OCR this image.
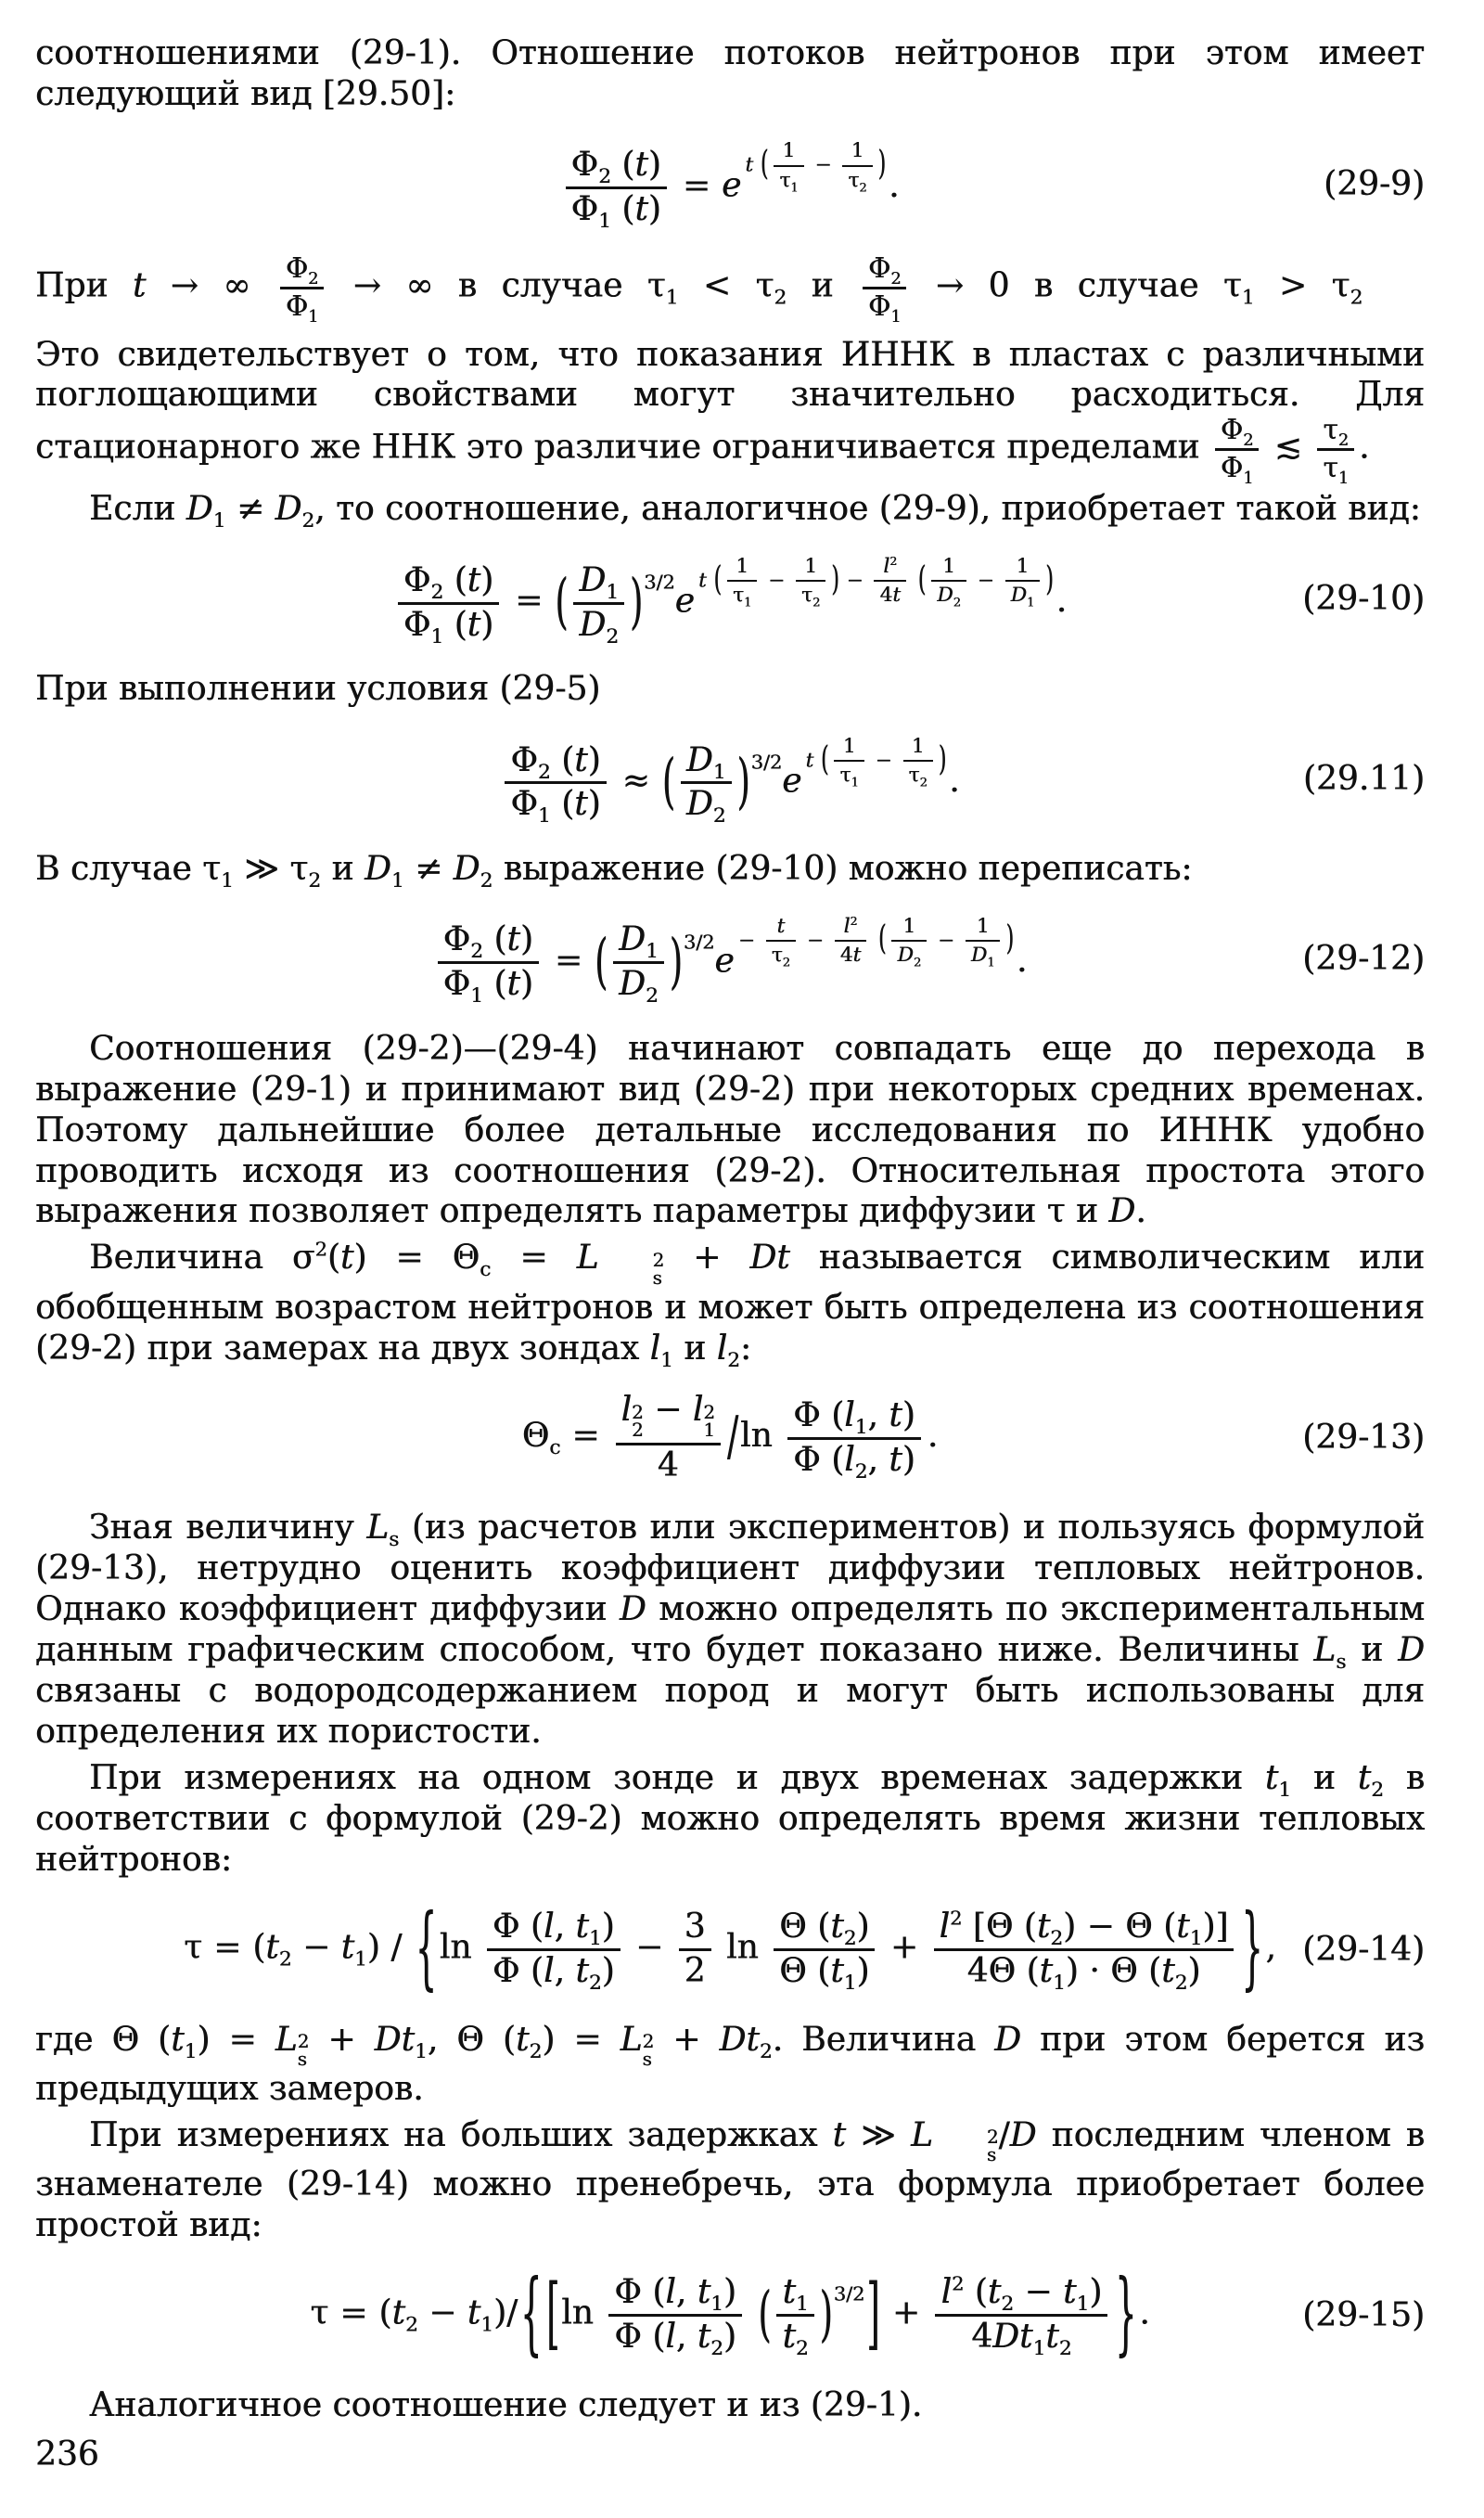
соотношениями (29-1). Отношение потоков нейтронов при этом имеет следующий вид [29.50]:

$\frac{\Phi_2 (t)}{\Phi_1 (t)}$ = et ( $\frac{1}{\tau_1} - \frac{1}{\tau_2}$ ).	(29-9)

При t → ∞ $\frac{\Phi_2}{\Phi_1}$ → ∞ в случае $\tau_1 < \tau_2$ и $\frac{\Phi_2}{\Phi_1} \to 0$ в случае $\tau_1 > \tau_2$

Это свидетельствует о том, что показания ИННК в пластах с различными поглощающими свойствами могут значительно расходиться. Для стационарного же ННК это различие ограничивается пределами $\frac{\Phi_2}{\Phi_1}$ ≲ $\frac{\tau_2}{\tau_1}$ .

Если $D_1 \ne D_2$, то соотношение, аналогичное (29-9), приобретает такой вид:

$\frac{\Phi_2 (t)}{\Phi_1 (t)}$ = ( $\frac{D_1}{D_2} )^{3/2}et$ ( $\frac{1}{\tau_1} - \frac{1}{\tau_2}$ ) − $\frac{l^2}{4t}$ ( $\frac{1}{D_2} - \frac{1}{D_1}$ ).	(29-10)

При выполнении условия (29-5)

$\frac{\Phi_2 (t)}{\Phi_1 (t)}$ ≈ ( $\frac{D_1}{D_2} )^{3/2}et$ ( $\frac{1}{\tau_1} - \frac{1}{\tau_2}$ ).	(29.11)

В случае $\tau_1$ ≫ $\tau_2$ и $D_1 \ne D_2$ выражение (29-10) можно переписать:

$\frac{\Phi_2 (t)}{\Phi_1 (t)}$ = ( $\frac{D_1}{D_2} )^{3/2}e- \frac{t}{\tau_2} - \frac{l^2}{4t}$ ( $\frac{1}{D_2} - \frac{1}{D_1}$ ).	(29-12)

Соотношения (29-2)—(29-4) начинают совпадать еще до перехода в выражение (29-1) и принимают вид (29-2) при некоторых средних временах. Поэтому дальнейшие более детальные исследования по ИННК удобно проводить исходя из соотношения (29-2). Относительная простота этого выражения позволяет определять параметры диффузии τ и D.

Величина $\sigma^2(t) = \Theta_c = L$	2
s
+ Dt называется символическим или обобщенным возрастом нейтронов и может быть определена из соотношения (29-2) при замерах на двух зондах $l_1$ и $l_2$:

$\Theta_c = l$ 2
2
− l 2
1
4 $/\ln \frac{\Phi (l_1, t)}{\Phi (l_2, t)}$ .	(29-13)

Зная величину $L_s$ (из расчетов или экспериментов) и пользуясь формулой (29-13), нетрудно оценить коэффициент диффузии тепловых нейтронов. Однако коэффициент диффузии D можно определять по экспериментальным данным графическим способом, что будет показано ниже. Величины $L_s$ и D связаны с водородсодержанием пород и могут быть использованы для определения их пористости.

При измерениях на одном зонде и двух временах задержки $t_1$ и $t_2$ в соответствии с формулой (29-2) можно определять время жизни тепловых нейтронов:

$\tau = (t_2 - t_1) / \{\ln \frac{\Phi (l, t_1)}{\Phi (l, t_2)} - \frac{3}{2}$ $\ln \frac{\Theta (t_2)}{\Theta (t_1)} + \frac{l^2 [\Theta (t_2) - \Theta (t_1)]}{4\Theta (t_1) \cdot \Theta (t_2)}$ }, (29-14)

где Θ $(t_1) = L$ 2
s
+ $Dt_1$, Θ $(t_2) = L$ 2
s
+ $Dt_2$. Величина D при этом берется из предыдущих замеров.

При измерениях на больших задержках t ≫ L	2
s
/D последним членом в знаменателе (29-14) можно пренебречь, эта формула приобретает более простой вид:

$\tau = (t_2 - t_1)/${ [$\ln \frac{\Phi (l, t_1)}{\Phi (l, t_2)}$ ( $\frac{t_1}{t_2} )^{3/2}] + \frac{l^2 (t_2 - t_1)}{4Dt_1t_2}$ }.	(29-15)

Аналогичное соотношение следует и из (29-1).

236
